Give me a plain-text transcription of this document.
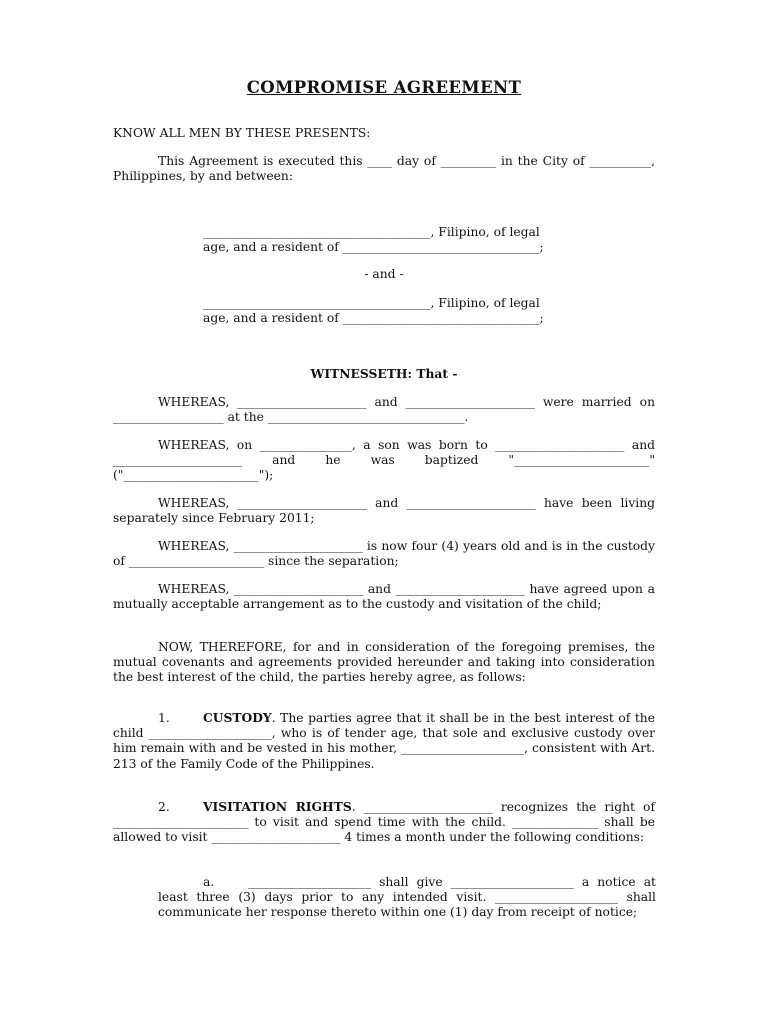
COMPROMISE AGREEMENT

KNOW ALL MEN BY THESE PRESENTS:

This Agreement is executed this ____ day of _________ in the City of __________, Philippines, by and between:

_____________________________________, Filipino, of legal
age, and a resident of ________________________________;

- and -

_____________________________________, Filipino, of legal
age, and a resident of ________________________________;

WITNESSETH: That -

WHEREAS, _____________________ and _____________________ were married on __________________ at the ________________________________.

WHEREAS, on _______________, a son was born to _____________________ and _____________________ and he was baptized "______________________" ("______________________");

WHEREAS, _____________________ and _____________________ have been living separately since February 2011;

WHEREAS, _____________________ is now four (4) years old and is in the custody of ______________________ since the separation;

WHEREAS, _____________________ and _____________________ have agreed upon a mutually acceptable arrangement as to the custody and visitation of the child;

NOW, THEREFORE, for and in consideration of the foregoing premises, the mutual covenants and agreements provided hereunder and taking into consideration the best interest of the child, the parties hereby agree, as follows:

1.	CUSTODY. The parties agree that it shall be in the best interest of the child ____________________, who is of tender age, that sole and exclusive custody over him remain with and be vested in his mother, ____________________, consistent with Art. 213 of the Family Code of the Philippines.

2.	VISITATION RIGHTS. _____________________ recognizes the right of ______________________ to visit and spend time with the child. ______________ shall be allowed to visit _____________________ 4 times a month under the following conditions:

a.	____________________ shall give ____________________ a notice at least three (3) days prior to any intended visit. ____________________ shall communicate her response thereto within one (1) day from receipt of notice;
